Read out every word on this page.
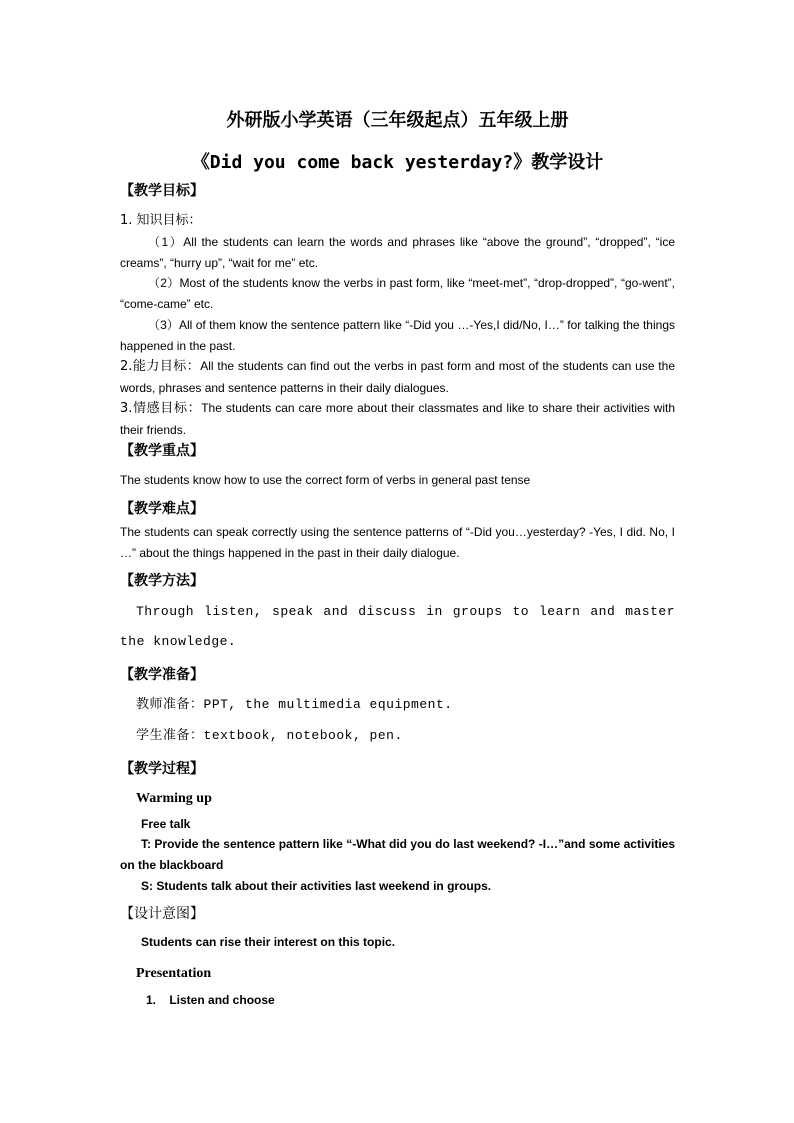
外研版小学英语（三年级起点）五年级上册
《Did you come back yesterday?》教学设计
【教学目标】
1. 知识目标：
（1）All the students can learn the words and phrases like “above the ground”, “dropped”, “ice creams”, “hurry up”, “wait for me” etc.
（2）Most of the students know the verbs in past form, like “meet-met”, “drop-dropped”, “go-went”, “come-came” etc.
（3）All of them know the sentence pattern like “-Did you …-Yes,I did/No, I…” for talking the things happened in the past.
2.能力目标：All the students can find out the verbs in past form and most of the students can use the words, phrases and sentence patterns in their daily dialogues.
3.情感目标：The students can care more about their classmates and like to share their activities with their friends.
【教学重点】
The students know how to use the correct form of verbs in general past tense
【教学难点】
The students can speak correctly using the sentence patterns of “-Did you…yesterday? -Yes, I did. No, I …” about the things happened in the past in their daily dialogue.
【教学方法】
Through listen, speak and discuss in groups to learn and master the knowledge.
【教学准备】
教师准备：PPT, the multimedia equipment.
学生准备：textbook, notebook, pen.
【教学过程】
Warming up
Free talk
T: Provide the sentence pattern like “-What did you do last weekend? -I…”and some activities on the blackboard
S: Students talk about their activities last weekend in groups.
【设计意图】
Students can rise their interest on this topic.
Presentation
1.    Listen and choose
